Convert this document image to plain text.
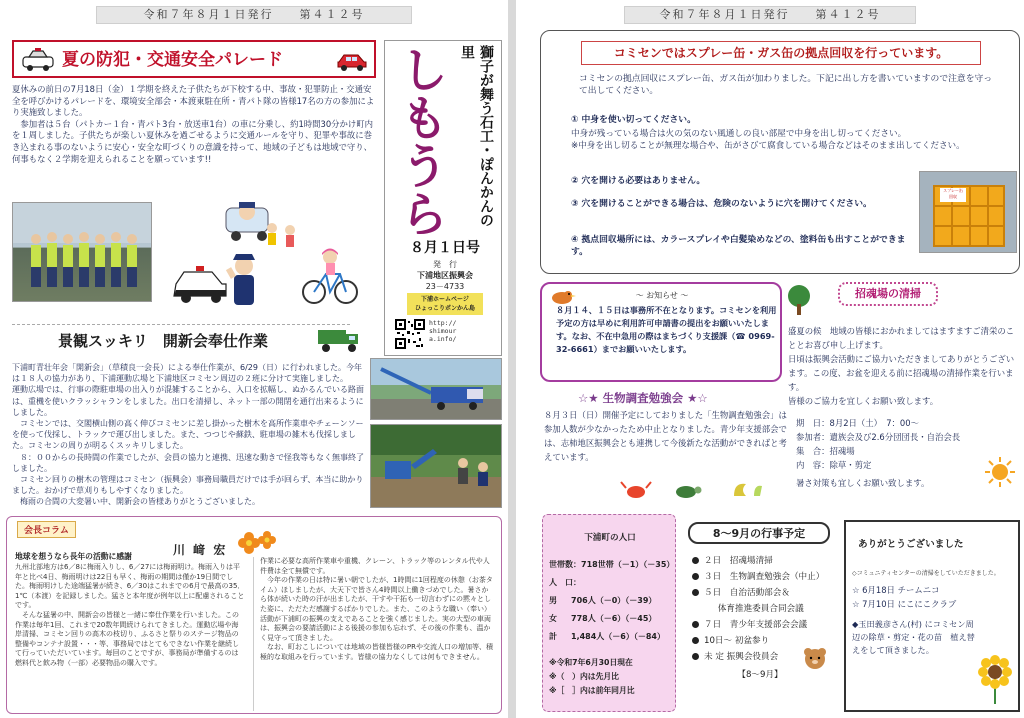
令和７年８月１日発行　　第４１２号
夏の防犯・交通安全パレード
夏休みの前日の7月18日（金）１学期を終えた子供たちが下校する中、事故・犯罪防止・交通安全を呼びかけるパレードを、環境安全部会・本渡東駐在所・青パト隊の皆様17名の方の参加により実施致しました。
　参加者は５台（パトカー１台・青パト3台・放送車1台）の車に分乗し、約1時間30分かけ町内を１周しました。子供たちが楽しい夏休みを過ごせるように交通ルールを守り、犯罪や事故に巻き込まれる事のないように安心・安全な町づくりの意識を持って、地域の子どもは地域で守り、何事もなく２学期を迎えられることを願っています!!	獅子が舞う石工・ぽんかんの里
しもうら
８月１日号
発　行
下浦地区振興会
23－4733
下浦ホームページ
ひょっこりポンかん島
http://shimoura.info/
景観スッキリ　開新会奉仕作業
下浦町青壮年会「開新会」（草積良一会長）による奉仕作業が、6/29（日）に行われました。今年は１８人の協力があり、下浦運動広場と下浦地区コミセン周辺の２班に分けて実施しました。
運動広場では、行事の際駐車場の出入りが混雑することから、入口を拡幅し、ぬかるんでいる路面は、重機を使いクラッシャランをしました。出口を清掃し、ネット一部の開閉を通行出来るようにしました。
　コミセンでは、交閣横山側の高く伸びコミセンに差し掛かった樹木を高所作業車やチェーンソーを使って伐採し、トラックで運び出しました。また、つつじや蘇鉄、駐車場の雑木も伐採しました。コミセンの周りが明るくスッキリしました。
　８：００からの長時間の作業でしたが、会員の協力と連携、迅速な動きで怪我等もなく無事終了しました。
　コミセン回りの樹木の管理はコミセン（振興会）事務局職員だけでは手が回らず、本当に助かりました。おかげで草刈りもしやすくなりました。
　梅雨の合間の大変暑い中、開新会の皆様ありがとうございました。
会長コラム
川 﨑 宏
地球を想うなら長年の活動に感謝
九州北部地方は6／8に梅雨入りし、6／27には梅雨明け。梅雨入りは平年と比べ4日、梅雨明けは22日も早く、梅雨の期間は僅か19日間でした。梅雨明けした途端猛暑が続き、6／30はこれまでの6月で最高の35．1℃（本渡）を記録しました。猛さと本年度が例年以上に配慮されることです。
　そんな猛暑の中、開新会の皆様と一緒に奉仕作業を行いました。この作業は毎年1回、これまで20数年間続けられてきました。運動広場や海岸清掃、コミセン回りの高木の枝切り、ふるさと祭りのステージ物品の整備やコンテナ設置・・・等、事務局ではとてもできない作業を継続して行っていただいています。毎回のことですが、事務局が準備するのは燃料代と飲み物（一部）必要物品の購入です。
作業に必要な高所作業車や重機、クレーン、トラック等のレンタル代や人件費は全て無償です。
　今年の作業の日は特に暑い朝でしたが、1時間に1回程度の休憩（お茶タイム）ほしましたが、大天下で皆さん4時間以上働きづめでした。暑さから体が続いた時の汗が出ましたが、干すや干拓も一切言わずにの黙々とした姿に、ただただ感謝するばかりでした。また、このような職い（奉い）活動が下浦町の振興の支えであることを強く感じました。実の大型の車両は、振興会の要請活動による後援の参加も忘れず、その後の作業も、温かく見守って頂きました。
　なお、町おこしについては地域の皆様皆様のPRや交流人口の増加等、積極的な取組みを行っています。皆様の協力なくしては何もできません。
令和７年８月１日発行　　第４１２号
コミセンではスプレー缶・ガス缶の拠点回収を行っています。
コミセンの拠点回収にスプレー缶、ガス缶が加わりました。下記に出し方を書いていますので注意を守って出してください。
① 中身を使い切ってください。
中身が残っている場合は火の気のない風通しの良い部屋で中身を出し切ってください。
※中身を出し切ることが無理な場合や、缶がさびて腐食している場合などはそのまま出してください。
② 穴を開ける必要はありません。
③ 穴を開けることができる場合は、危険のないように穴を開けてください。
④ 拠点回収場所には、カラースプレイや白髪染めなどの、塗料缶も出すことができます。
スプレー缶
回収
～ お知らせ ～
８月１４、１５日は事務所不在となります。コミセンを利用予定の方は早めに利用許可申請書の提出をお願いいたします。なお、不在中急用の際はまちづくり支援課（☎ 0969-32-6661）までお願いいたします。
☆★ 生物調査勉強会 ★☆
８月３日（日）開催予定にしておりました「生物調査勉強会」は参加人数が少なかったため中止となりました。青少年支援部会では、志柿地区振興会とも連携して今後新たな活動ができればと考えています。
招魂場の清掃
盛夏の候　地域の皆様におかれましてはますますご清栄のこととお喜び申し上げます。
日頃は振興会活動にご協力いただきましてありがとうございます。この度、お盆を迎える前に招魂場の清掃作業を行います。
皆様のご協力を宜しくお願い致します。
期　日：8月2日（土）　7：00～
参加者：遺族会及び2.6分団団長・自治会長
集　合：招魂場
内　容：除草・剪定
暑さ対策も宜しくお願い致します。
下浦町の人口
世帯数：718世帯（－1）（－35）
人　口：
男 706人（－0）（－39）
女 778人（－6）（－45）
計 1,484人（－6）（－84）
※令和7年6月30日現在
※（　）内は先月比
※［　］内は前年同月比
8～9月の行事予定
２日　招魂場清掃
３日　生物調査勉強会（中止）
５日　自治活動部会＆
　　　体育推進委員合同会議
７日　青少年支援部会会議
10日～ 初盆参り
未 定 振興会役員会
【8～9月】
ありがとうございました
◇コミュニティセンターの清掃をしていただきました。
☆ 6月18日 チームニコ
☆ 7月10日 にこにこクラブ
◆玉田義彦さん(村) にコミセン周辺の除草・剪定・花の苗　植え替えをして頂きました。
